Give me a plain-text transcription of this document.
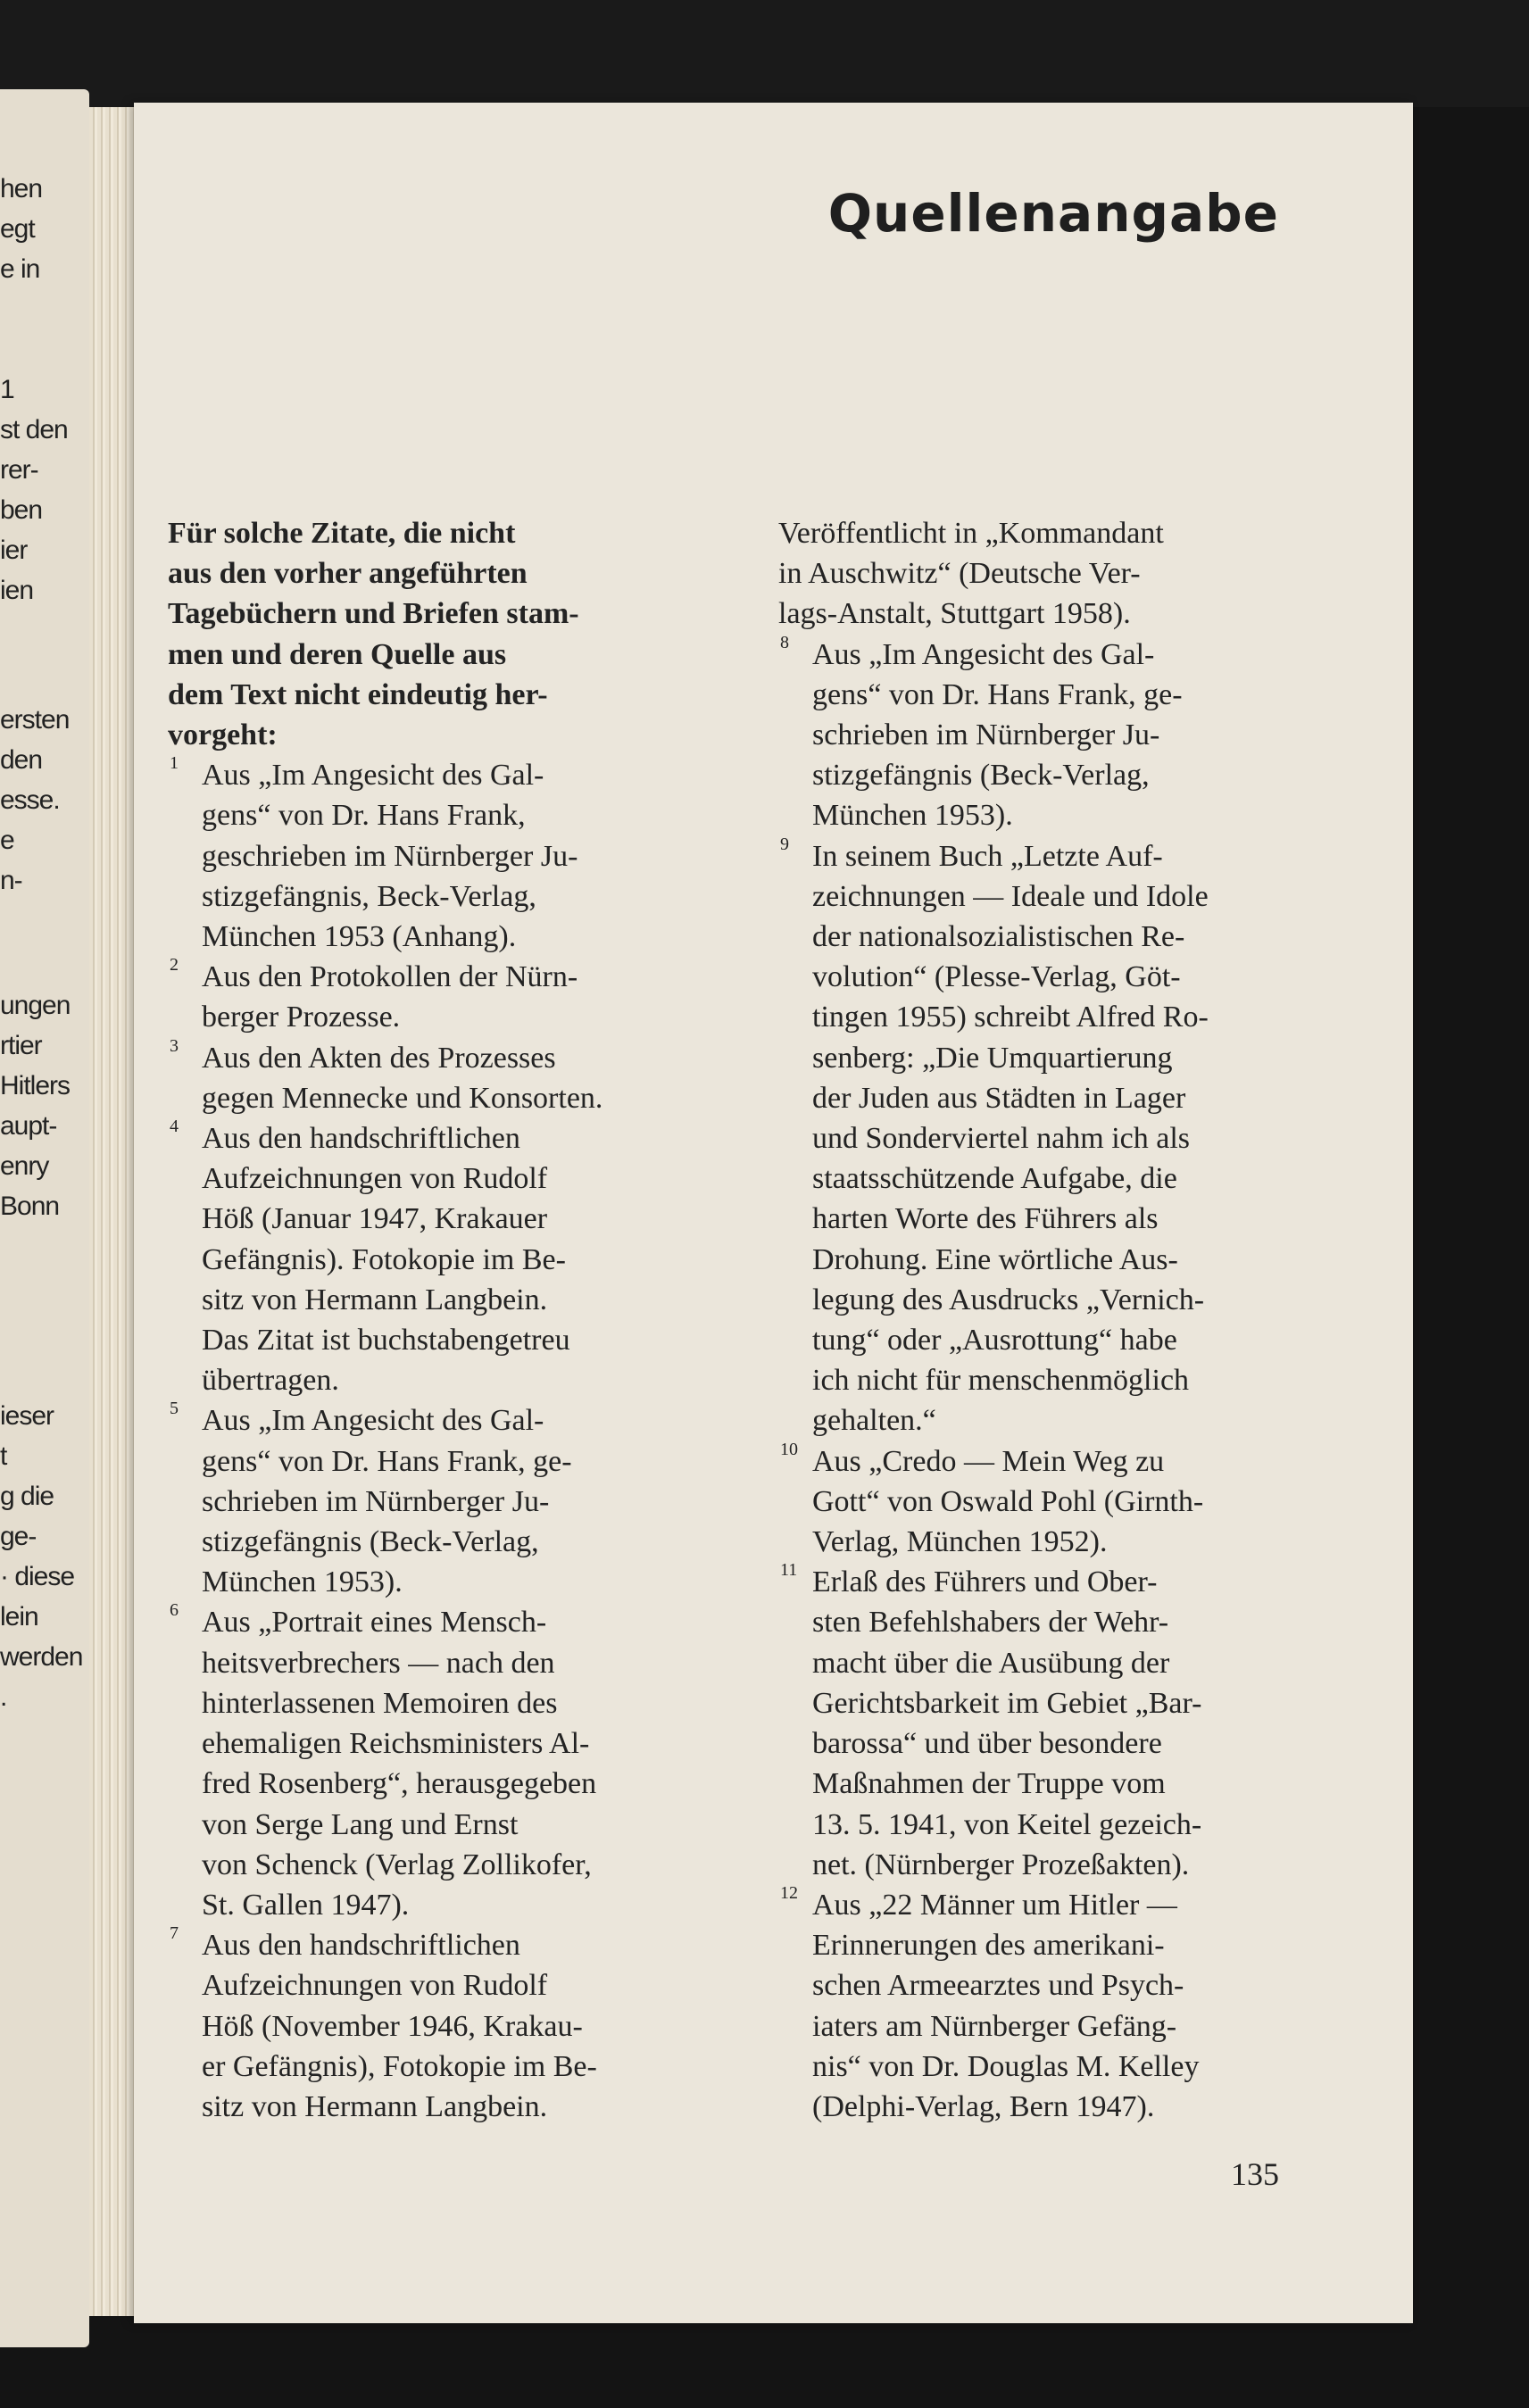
hen
egt
e in
1
st den
rer-
ben
ier
ien
ersten
den
esse.
e
n-
ungen
rtier
Hitlers
aupt-
enry
Bonn
ieser
t
g die
ge-
· diese
lein
werden
.
Quellenangabe

Für solche Zitate, die nicht
aus den vorher angeführten
Tagebüchern und Briefen stam-
men und deren Quelle aus
dem Text nicht eindeutig her-
vorgeht:

1 Aus „Im Angesicht des Gal-
gens“ von Dr. Hans Frank,
geschrieben im Nürnberger Ju-
stizgefängnis, Beck-Verlag,
München 1953 (Anhang).

2 Aus den Protokollen der Nürn-
berger Prozesse.

3 Aus den Akten des Prozesses
gegen Mennecke und Konsorten.

4 Aus den handschriftlichen
Aufzeichnungen von Rudolf
Höß (Januar 1947, Krakauer
Gefängnis). Fotokopie im Be-
sitz von Hermann Langbein.
Das Zitat ist buchstabengetreu
übertragen.

5 Aus „Im Angesicht des Gal-
gens“ von Dr. Hans Frank, ge-
schrieben im Nürnberger Ju-
stizgefängnis (Beck-Verlag,
München 1953).

6 Aus „Portrait eines Mensch-
heitsverbrechers — nach den
hinterlassenen Memoiren des
ehemaligen Reichsministers Al-
fred Rosenberg“, herausgegeben
von Serge Lang und Ernst
von Schenck (Verlag Zollikofer,
St. Gallen 1947).

7 Aus den handschriftlichen
Aufzeichnungen von Rudolf
Höß (November 1946, Krakau-
er Gefängnis), Fotokopie im Be-
sitz von Hermann Langbein.

Veröffentlicht in „Kommandant
in Auschwitz“ (Deutsche Ver-
lags-Anstalt, Stuttgart 1958).

8 Aus „Im Angesicht des Gal-
gens“ von Dr. Hans Frank, ge-
schrieben im Nürnberger Ju-
stizgefängnis (Beck-Verlag,
München 1953).

9 In seinem Buch „Letzte Auf-
zeichnungen — Ideale und Idole
der nationalsozialistischen Re-
volution“ (Plesse-Verlag, Göt-
tingen 1955) schreibt Alfred Ro-
senberg: „Die Umquartierung
der Juden aus Städten in Lager
und Sonderviertel nahm ich als
staatsschützende Aufgabe, die
harten Worte des Führers als
Drohung. Eine wörtliche Aus-
legung des Ausdrucks „Vernich-
tung“ oder „Ausrottung“ habe
ich nicht für menschenmöglich
gehalten.“

10 Aus „Credo — Mein Weg zu
Gott“ von Oswald Pohl (Girnth-
Verlag, München 1952).

11 Erlaß des Führers und Ober-
sten Befehlshabers der Wehr-
macht über die Ausübung der
Gerichtsbarkeit im Gebiet „Bar-
barossa“ und über besondere
Maßnahmen der Truppe vom
13. 5. 1941, von Keitel gezeich-
net. (Nürnberger Prozeßakten).

12 Aus „22 Männer um Hitler —
Erinnerungen des amerikani-
schen Armeearztes und Psych-
iaters am Nürnberger Gefäng-
nis“ von Dr. Douglas M. Kelley
(Delphi-Verlag, Bern 1947).

135
